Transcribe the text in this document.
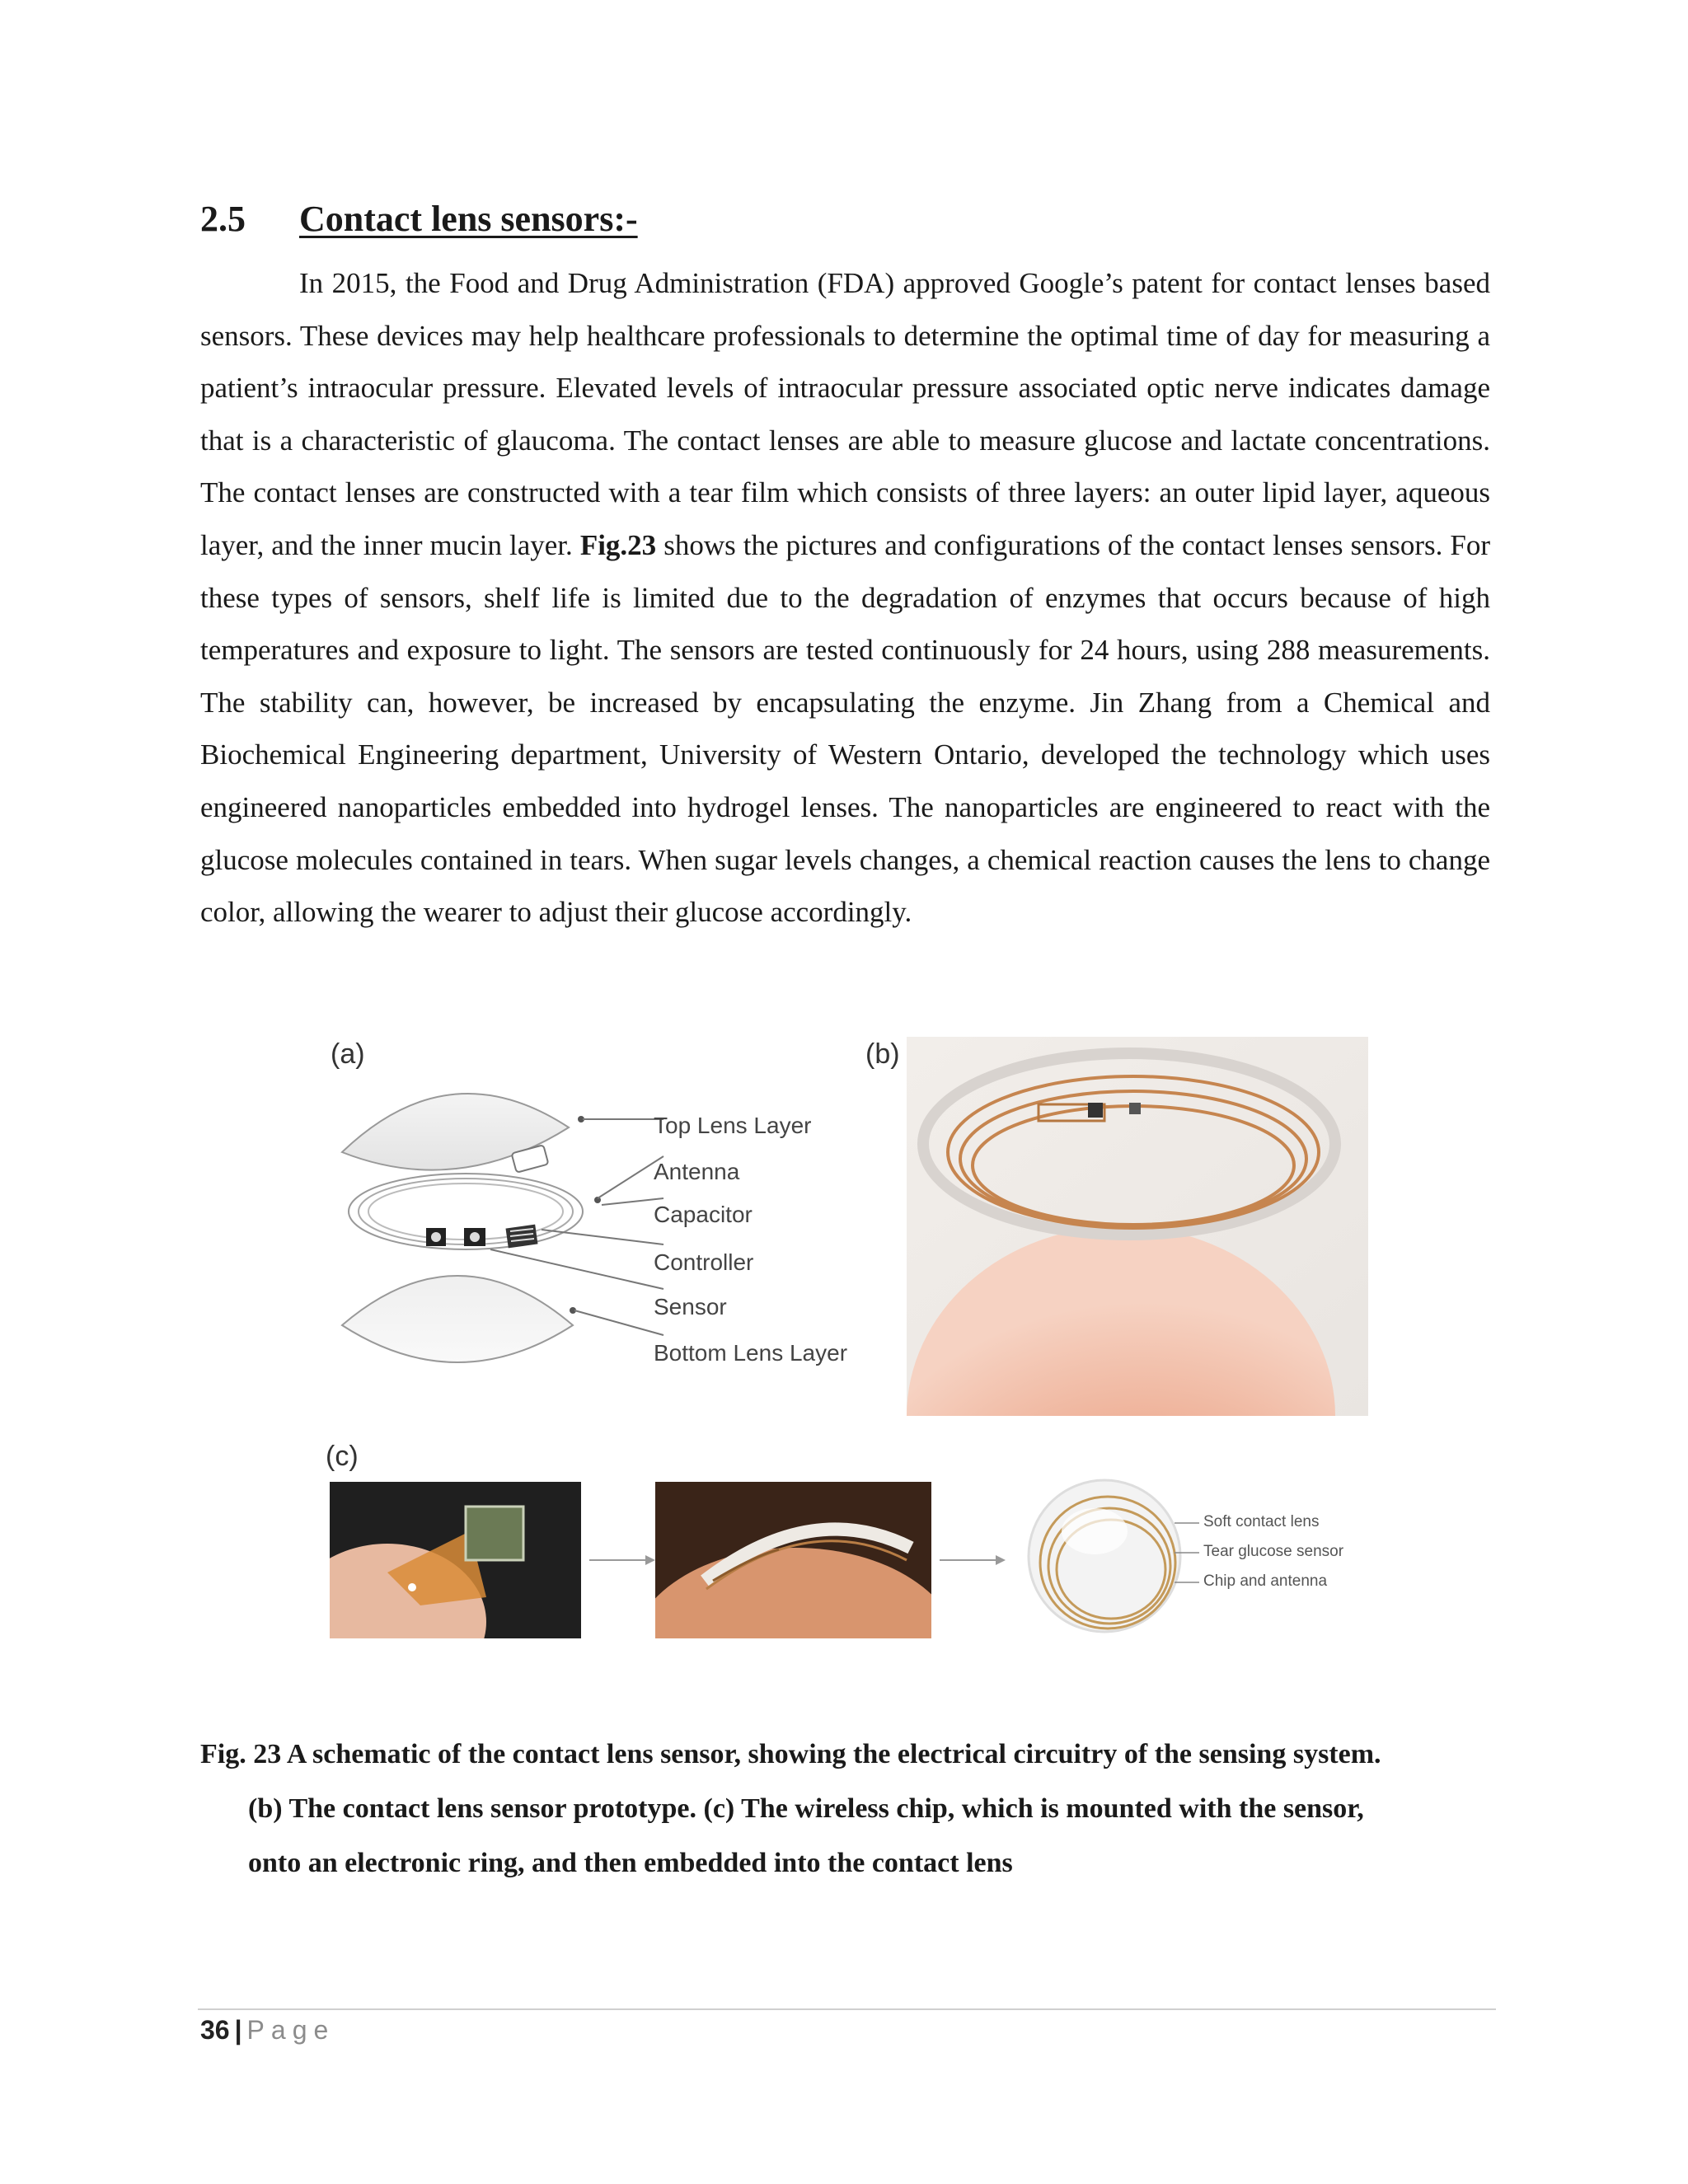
2.5 Contact lens sensors:-
In 2015, the Food and Drug Administration (FDA) approved Google’s patent for contact lenses based sensors. These devices may help healthcare professionals to determine the optimal time of day for measuring a patient’s intraocular pressure. Elevated levels of intraocular pressure associated optic nerve indicates damage that is a characteristic of glaucoma. The contact lenses are able to measure glucose and lactate concentrations. The contact lenses are constructed with a tear film which consists of three layers: an outer lipid layer, aqueous layer, and the inner mucin layer. Fig.23 shows the pictures and configurations of the contact lenses sensors. For these types of sensors, shelf life is limited due to the degradation of enzymes that occurs because of high temperatures and exposure to light. The sensors are tested continuously for 24 hours, using 288 measurements. The stability can, however, be increased by encapsulating the enzyme. Jin Zhang from a Chemical and Biochemical Engineering department, University of Western Ontario, developed the technology which uses engineered nanoparticles embedded into hydrogel lenses. The nanoparticles are engineered to react with the glucose molecules contained in tears. When sugar levels changes, a chemical reaction causes the lens to change color, allowing the wearer to adjust their glucose accordingly.
(a)
Top Lens Layer
Antenna
Capacitor
Controller
Sensor
Bottom Lens Layer
(b)
(c)
Soft contact lens
Tear glucose sensor
Chip and antenna
Fig. 23 A schematic of the contact lens sensor, showing the electrical circuitry of the sensing system.
(b) The contact lens sensor prototype. (c) The wireless chip, which is mounted with the sensor,
onto an electronic ring, and then embedded into the contact lens
36 | Page
